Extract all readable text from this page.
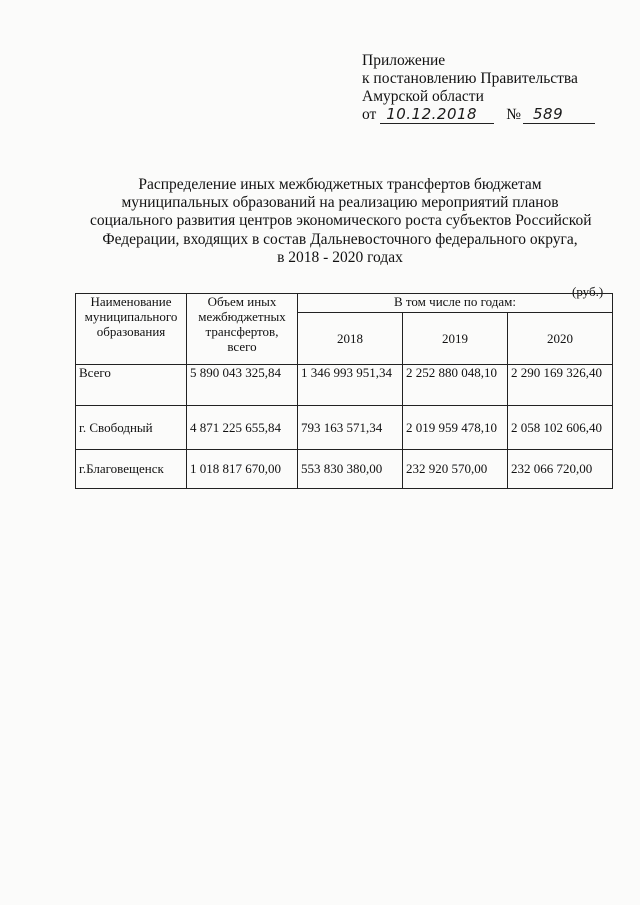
Приложение
к постановлению Правительства
Амурской области
от 10.12.2018 № 589
Распределение иных межбюджетных трансфертов бюджетам
муниципальных образований на реализацию мероприятий планов
социального развития центров экономического роста субъектов Российской
Федерации, входящих в состав Дальневосточного федерального округа,
в 2018 - 2020 годах
(руб.)
Наименование муниципального образования	Объем иных межбюджетных трансфертов, всего	В том числе по годам:		
		2018	2019	2020
Всего	5 890 043 325,84	1 346 993 951,34	2 252 880 048,10	2 290 169 326,40
г. Свободный	4 871 225 655,84	793 163 571,34	2 019 959 478,10	2 058 102 606,40
г.Благовещенск	1 018 817 670,00	553 830 380,00	232 920 570,00	232 066 720,00
